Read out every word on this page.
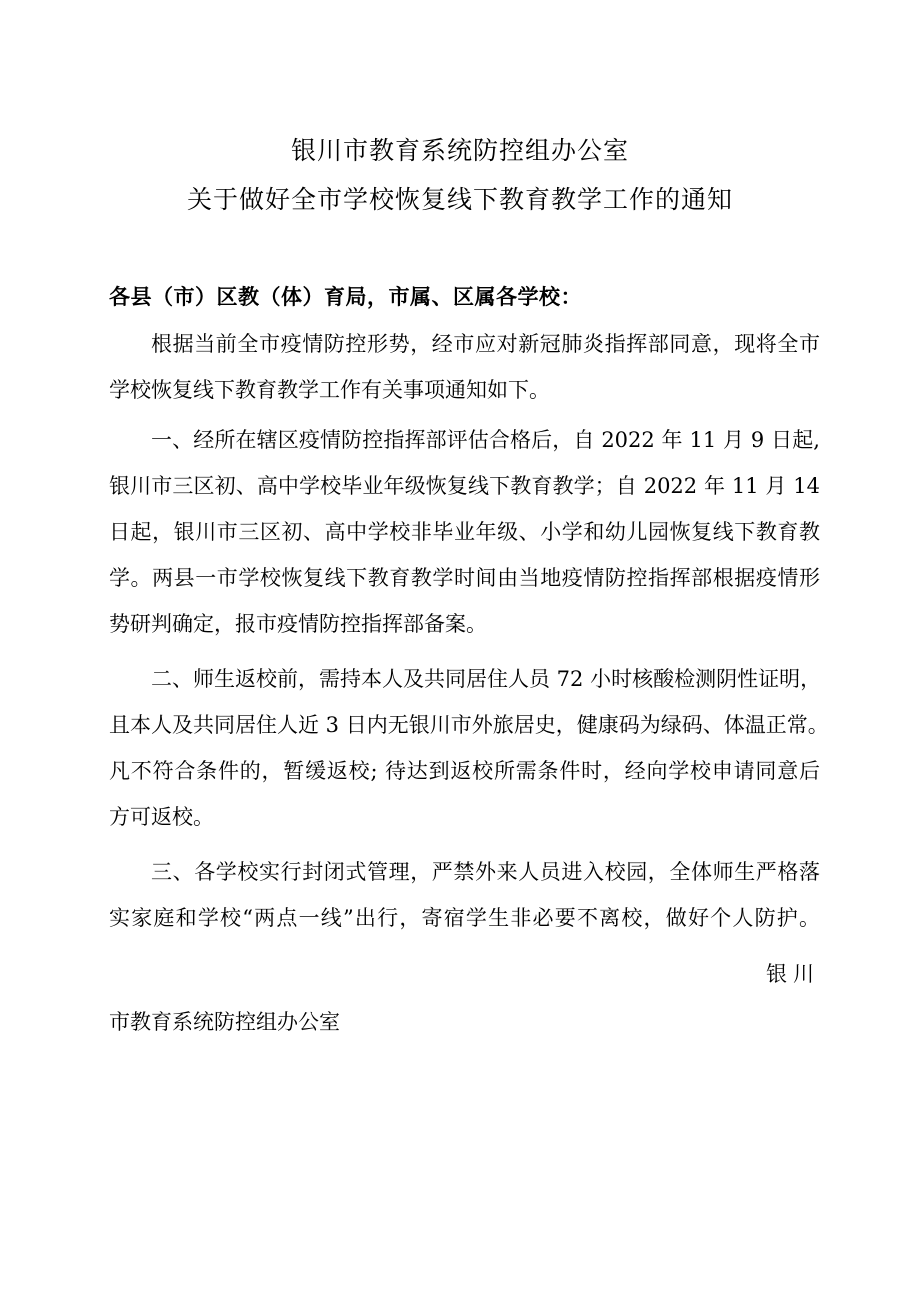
银川市教育系统防控组办公室
关于做好全市学校恢复线下教育教学工作的通知

各县（市）区教（体）育局，市属、区属各学校：

根据当前全市疫情防控形势，经市应对新冠肺炎指挥部同意，现将全市
学校恢复线下教育教学工作有关事项通知如下。
一、经所在辖区疫情防控指挥部评估合格后，自 2022 年 11 月 9 日起,
银川市三区初、高中学校毕业年级恢复线下教育教学；自 2022 年 11 月 14
日起，银川市三区初、高中学校非毕业年级、小学和幼儿园恢复线下教育教
学。两县一市学校恢复线下教育教学时间由当地疫情防控指挥部根据疫情形
势研判确定，报市疫情防控指挥部备案。
二、师生返校前，需持本人及共同居住人员 72 小时核酸检测阴性证明，
且本人及共同居住人近 3 日内无银川市外旅居史，健康码为绿码、体温正常。
凡不符合条件的，暂缓返校; 待达到返校所需条件时，经向学校申请同意后
方可返校。
三、各学校实行封闭式管理，严禁外来人员进入校园，全体师生严格落
实家庭和学校“两点一线”出行，寄宿学生非必要不离校，做好个人防护。

银川

市教育系统防控组办公室
